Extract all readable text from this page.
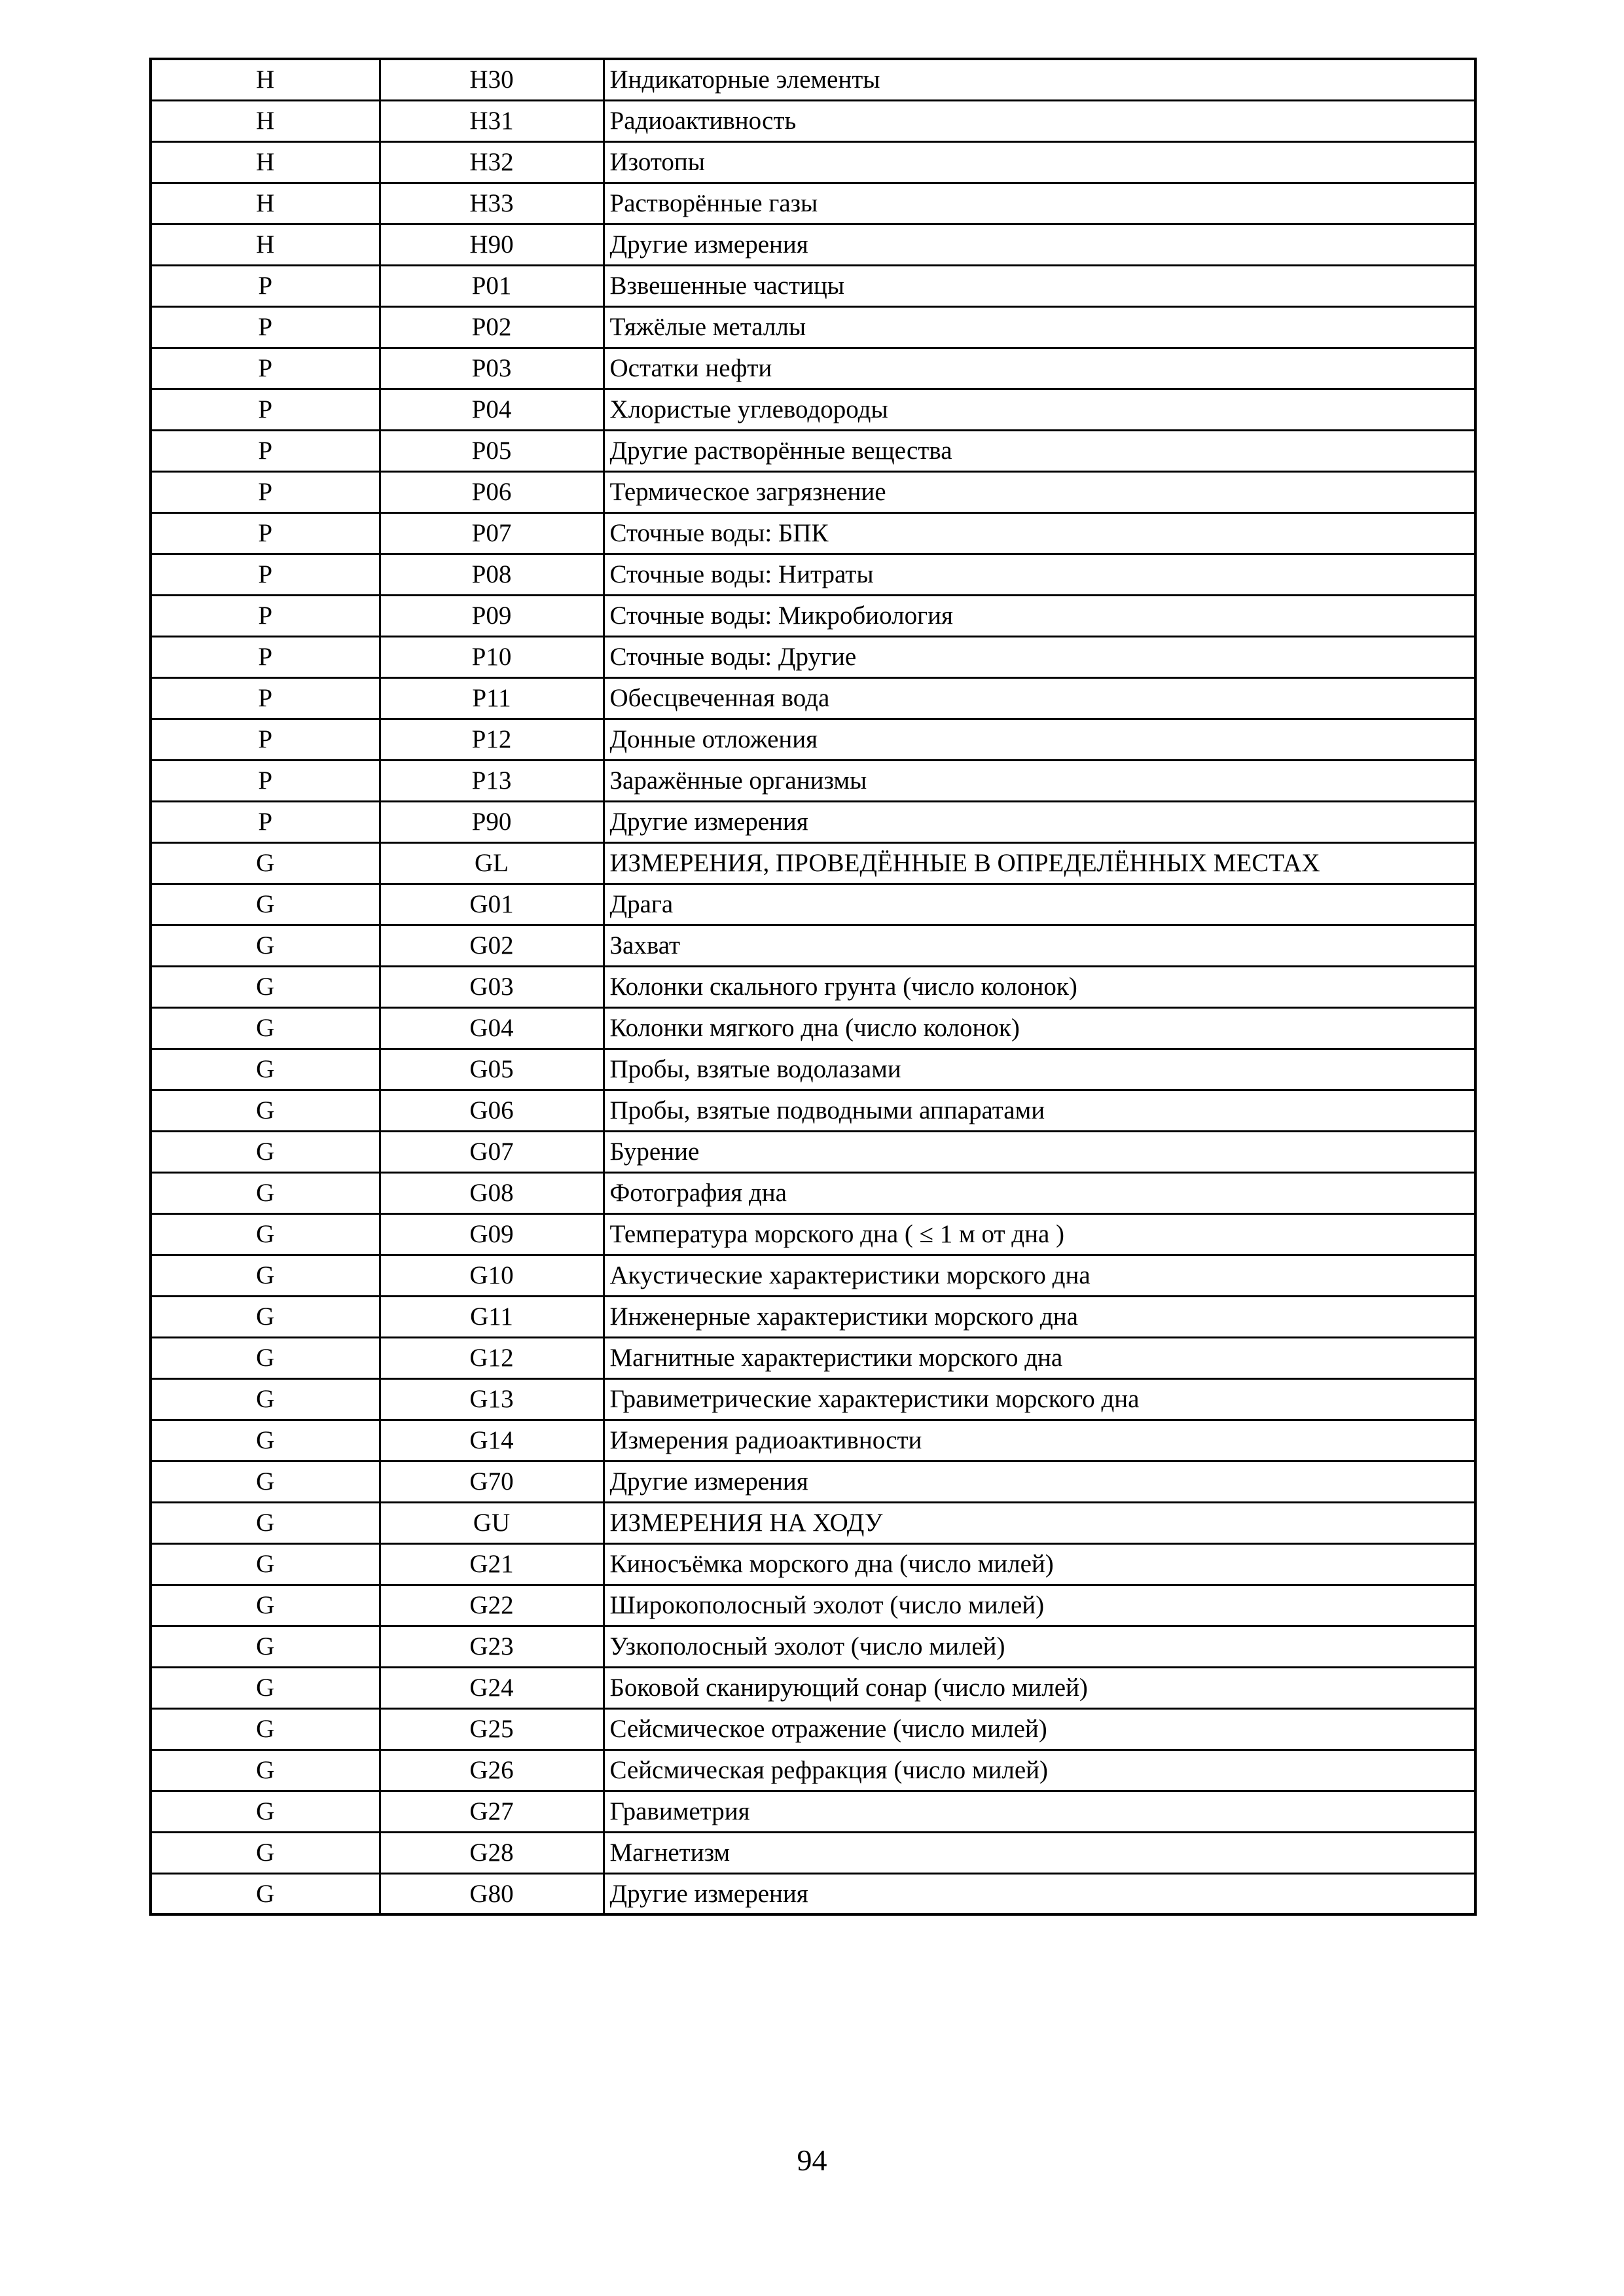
H	H30	Индикаторные элементы
H	H31	Радиоактивность
H	H32	Изотопы
H	H33	Растворённые газы
H	H90	Другие измерения
P	P01	Взвешенные частицы
P	P02	Тяжёлые металлы
P	P03	Остатки нефти
P	P04	Хлористые углеводороды
P	P05	Другие растворённые вещества
P	P06	Термическое загрязнение
P	P07	Сточные воды: БПК
P	P08	Сточные воды: Нитраты
P	P09	Сточные воды: Микробиология
P	P10	Сточные воды: Другие
P	P11	Обесцвеченная вода
P	P12	Донные отложения
P	P13	Заражённые организмы
P	P90	Другие измерения
G	GL	ИЗМЕРЕНИЯ, ПРОВЕДЁННЫЕ В ОПРЕДЕЛЁННЫХ МЕСТАХ
G	G01	Драга
G	G02	Захват
G	G03	Колонки скального грунта (число колонок)
G	G04	Колонки мягкого дна (число колонок)
G	G05	Пробы, взятые водолазами
G	G06	Пробы, взятые подводными аппаратами
G	G07	Бурение
G	G08	Фотография дна
G	G09	Температура морского дна ( ≤ 1 м от дна )
G	G10	Акустические характеристики морского дна
G	G11	Инженерные характеристики морского дна
G	G12	Магнитные характеристики морского дна
G	G13	Гравиметрические характеристики морского дна
G	G14	Измерения радиоактивности
G	G70	Другие измерения
G	GU	ИЗМЕРЕНИЯ НА ХОДУ
G	G21	Киносъёмка морского дна (число милей)
G	G22	Широкополосный эхолот (число милей)
G	G23	Узкополосный эхолот (число милей)
G	G24	Боковой сканирующий сонар (число милей)
G	G25	Сейсмическое отражение (число милей)
G	G26	Сейсмическая рефракция (число милей)
G	G27	Гравиметрия
G	G28	Магнетизм
G	G80	Другие измерения
94
